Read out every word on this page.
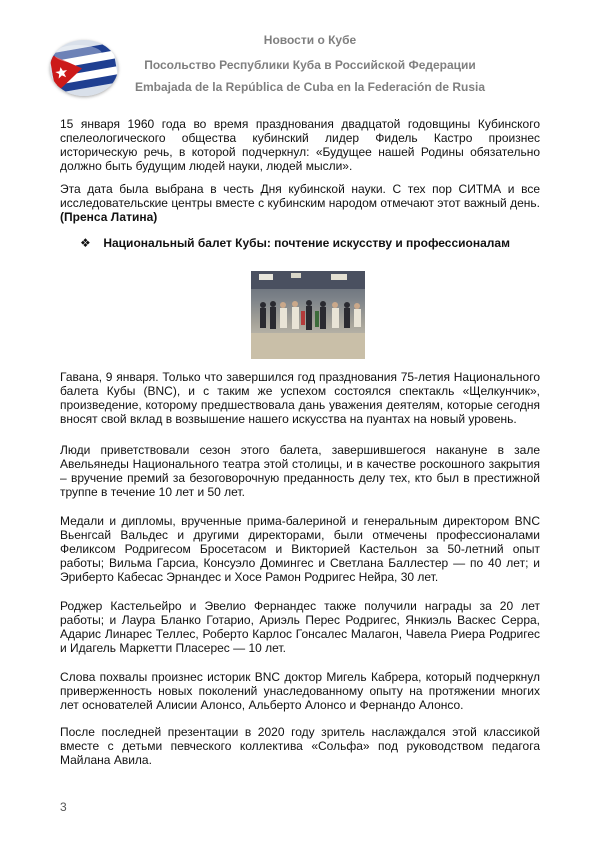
Новости о Кубе
Посольство Республики Куба в Российской Федерации
Embajada de la República de Cuba en la Federación de Rusia
15 января 1960 года во время празднования двадцатой годовщины Кубинского спелеологического общества кубинский лидер Фидель Кастро произнес историческую речь, в которой подчеркнул: «Будущее нашей Родины обязательно должно быть будущим людей науки, людей мысли».
Эта дата была выбрана в честь Дня кубинской науки. С тех пор СИТМА и все исследовательские центры вместе с кубинским народом отмечают этот важный день. (Пренса Латина)
❖ Национальный балет Кубы: почтение искусству и профессионалам
Гавана, 9 января. Только что завершился год празднования 75-летия Национального балета Кубы (BNC), и с таким же успехом состоялся спектакль «Щелкунчик», произведение, которому предшествовала дань уважения деятелям, которые сегодня вносят свой вклад в возвышение нашего искусства на пуантах на новый уровень.
Люди приветствовали сезон этого балета, завершившегося накануне в зале Авельянеды Национального театра этой столицы, и в качестве роскошного закрытия – вручение премий за безоговорочную преданность делу тех, кто был в престижной труппе в течение 10 лет и 50 лет.
Медали и дипломы, врученные прима-балериной и генеральным директором BNC Вьенгсай Вальдес и другими директорами, были отмечены профессионалами Феликсом Родригесом Бросетасом и Викторией Кастельон за 50-летний опыт работы; Вильма Гарсиа, Консуэло Домингес и Светлана Баллестер — по 40 лет; и Эриберто Кабесас Эрнандес и Хосе Рамон Родригес Нейра, 30 лет.
Роджер Кастельейро и Эвелио Фернандес также получили награды за 20 лет работы; и Лаура Бланко Готарио, Ариэль Перес Родригес, Янкиэль Васкес Серра, Адарис Линарес Теллес, Роберто Карлос Гонсалес Малагон, Чавела Риера Родригес и Идагель Маркетти Пласерес — 10 лет.
Слова похвалы произнес историк BNC доктор Мигель Кабрера, который подчеркнул приверженность новых поколений унаследованному опыту на протяжении многих лет основателей Алисии Алонсо, Альберто Алонсо и Фернандо Алонсо.
После последней презентации в 2020 году зритель наслаждался этой классикой вместе с детьми певческого коллектива «Сольфа» под руководством педагога Майлана Авила.
3
